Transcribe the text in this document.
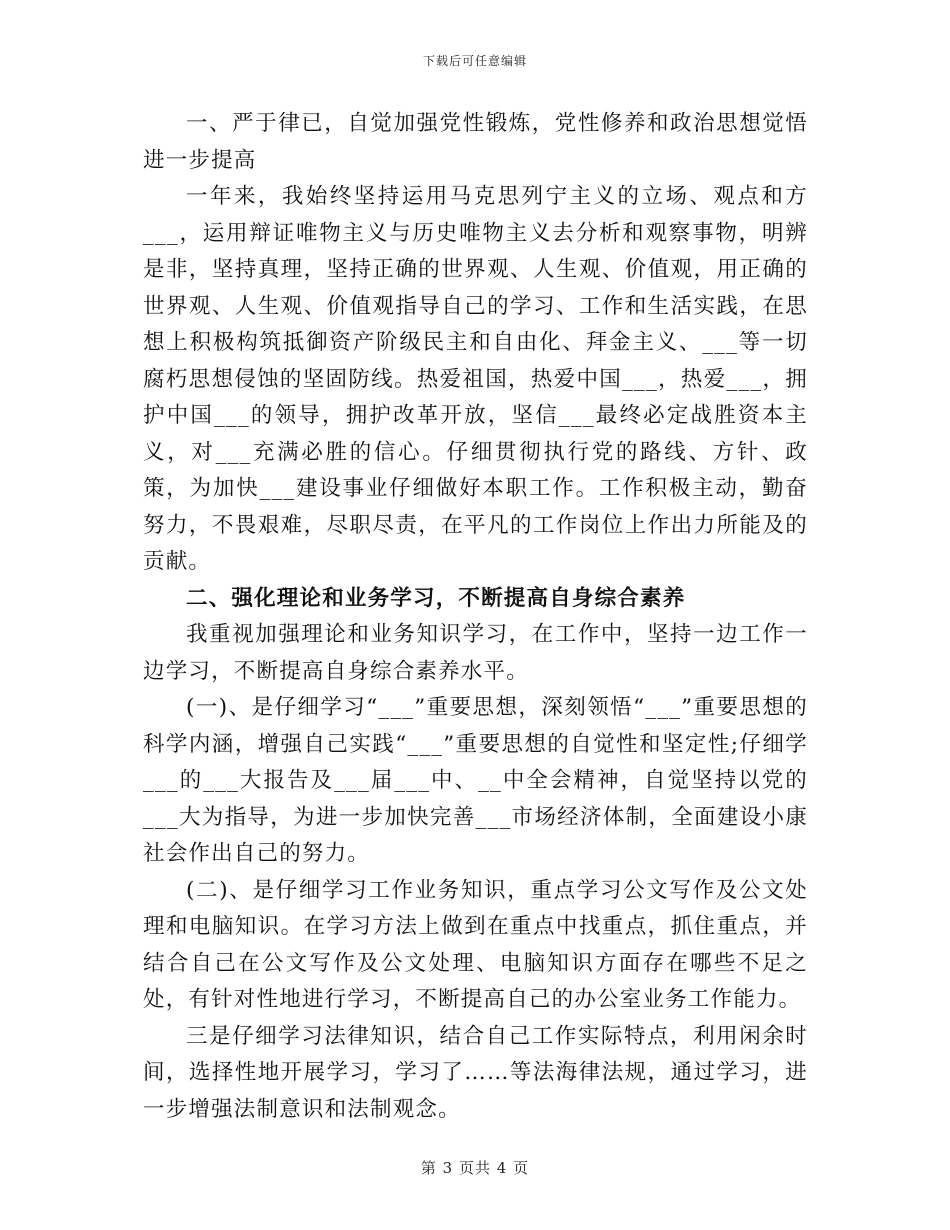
下载后可任意编辑

一、严于律已，自觉加强党性锻炼，党性修养和政治思想觉悟进一步提高

一年来，我始终坚持运用马克思列宁主义的立场、观点和方___，运用辩证唯物主义与历史唯物主义去分析和观察事物，明辨是非，坚持真理，坚持正确的世界观、人生观、价值观，用正确的世界观、人生观、价值观指导自己的学习、工作和生活实践，在思想上积极构筑抵御资产阶级民主和自由化、拜金主义、___等一切腐朽思想侵蚀的坚固防线。热爱祖国，热爱中国___，热爱___，拥护中国___的领导，拥护改革开放，坚信___最终必定战胜资本主义，对___充满必胜的信心。仔细贯彻执行党的路线、方针、政策，为加快___建设事业仔细做好本职工作。工作积极主动，勤奋努力，不畏艰难，尽职尽责，在平凡的工作岗位上作出力所能及的贡献。

二、强化理论和业务学习，不断提高自身综合素养

我重视加强理论和业务知识学习，在工作中，坚持一边工作一边学习，不断提高自身综合素养水平。

(一)、是仔细学习“___”重要思想，深刻领悟“___”重要思想的科学内涵，增强自己实践“___”重要思想的自觉性和坚定性;仔细学___的___大报告及___届___中、__中全会精神，自觉坚持以党的___大为指导，为进一步加快完善___市场经济体制，全面建设小康社会作出自己的努力。

(二)、是仔细学习工作业务知识，重点学习公文写作及公文处理和电脑知识。在学习方法上做到在重点中找重点，抓住重点，并结合自己在公文写作及公文处理、电脑知识方面存在哪些不足之处，有针对性地进行学习，不断提高自己的办公室业务工作能力。

三是仔细学习法律知识，结合自己工作实际特点，利用闲余时间，选择性地开展学习，学习了……等法海律法规，通过学习，进一步增强法制意识和法制观念。

第 3 页共 4 页
